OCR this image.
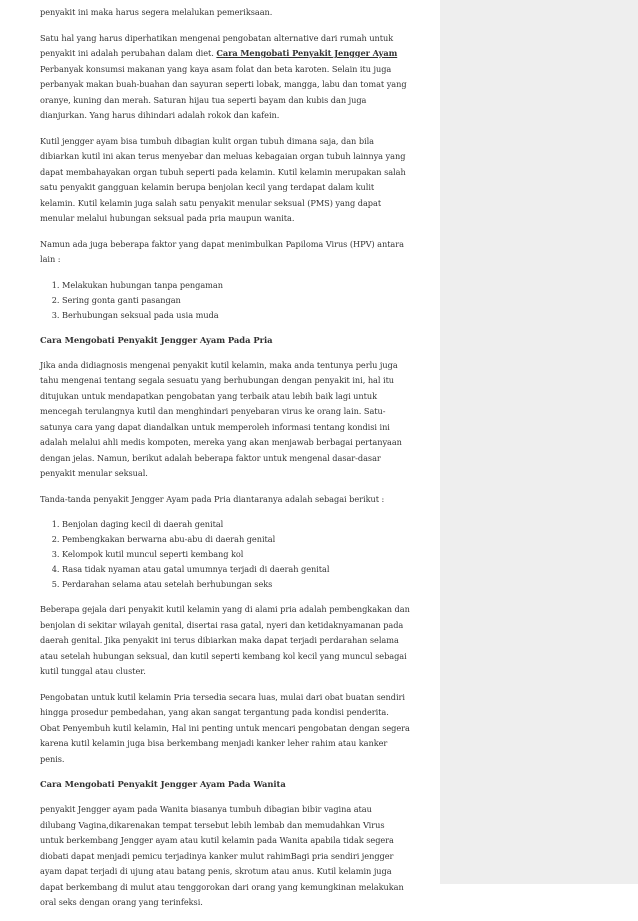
penyakit ini maka harus segera melalukan pemeriksaan.

Satu hal yang harus diperhatikan mengenai pengobatan alternative dari rumah untuk penyakit ini adalah perubahan dalam diet. Cara Mengobati Penyakit Jengger Ayam Perbanyak konsumsi makanan yang kaya asam folat dan beta karoten. Selain itu juga perbanyak makan buah-buahan dan sayuran seperti lobak, mangga, labu dan tomat yang oranye, kuning dan merah. Saturan hijau tua seperti bayam dan kubis dan juga dianjurkan. Yang harus dihindari adalah rokok dan kafein.

Kutil jengger ayam bisa tumbuh dibagian kulit organ tubuh dimana saja, dan bila dibiarkan kutil ini akan terus menyebar dan meluas kebagaian organ tubuh lainnya yang dapat membahayakan organ tubuh seperti pada kelamin. Kutil kelamin merupakan salah satu penyakit gangguan kelamin berupa benjolan kecil yang terdapat dalam kulit kelamin. Kutil kelamin juga salah satu penyakit menular seksual (PMS) yang dapat menular melalui hubungan seksual pada pria maupun wanita.

Namun ada juga beberapa faktor yang dapat menimbulkan Papiloma Virus (HPV) antara lain :

1. Melakukan hubungan tanpa pengaman
2. Sering gonta ganti pasangan
3. Berhubungan seksual pada usia muda
Cara Mengobati Penyakit Jengger Ayam Pada Pria

Jika anda didiagnosis mengenai penyakit kutil kelamin, maka anda tentunya perlu juga tahu mengenai tentang segala sesuatu yang berhubungan dengan penyakit ini, hal itu ditujukan untuk mendapatkan pengobatan yang terbaik atau lebih baik lagi untuk mencegah terulangnya kutil dan menghindari penyebaran virus ke orang lain. Satu-satunya cara yang dapat diandalkan untuk memperoleh informasi tentang kondisi ini adalah melalui ahli medis kompoten, mereka yang akan menjawab berbagai pertanyaan dengan jelas. Namun, berikut adalah beberapa faktor untuk mengenal dasar-dasar penyakit menular seksual.

Tanda-tanda penyakit Jengger Ayam pada Pria diantaranya adalah sebagai berikut :

1. Benjolan daging kecil di daerah genital
2. Pembengkakan berwarna abu-abu di daerah genital
3. Kelompok kutil muncul seperti kembang kol
4. Rasa tidak nyaman atau gatal umumnya terjadi di daerah genital
5. Perdarahan selama atau setelah berhubungan seks

Beberapa gejala dari penyakit kutil kelamin yang di alami pria adalah pembengkakan dan benjolan di sekitar wilayah genital, disertai rasa gatal, nyeri dan ketidaknyamanan pada daerah genital. Jika penyakit ini terus dibiarkan maka dapat terjadi perdarahan selama atau setelah hubungan seksual, dan kutil seperti kembang kol kecil yang muncul sebagai kutil tunggal atau cluster.

Pengobatan untuk kutil kelamin Pria tersedia secara luas, mulai dari obat buatan sendiri hingga prosedur pembedahan, yang akan sangat tergantung pada kondisi penderita. Obat Penyembuh kutil kelamin, Hal ini penting untuk mencari pengobatan dengan segera karena kutil kelamin juga bisa berkembang menjadi kanker leher rahim atau kanker penis.

Cara Mengobati Penyakit Jengger Ayam Pada Wanita

penyakit Jengger ayam pada Wanita biasanya tumbuh dibagian bibir vagina atau dilubang Vagina,dikarenakan tempat tersebut lebih lembab dan memudahkan Virus untuk berkembang Jengger ayam atau kutil kelamin pada Wanita apabila tidak segera diobati dapat menjadi pemicu terjadinya kanker mulut rahimBagi pria sendiri jengger ayam dapat terjadi di ujung atau batang penis, skrotum atau anus. Kutil kelamin juga dapat berkembang di mulut atau tenggorokan dari orang yang kemungkinan melakukan oral seks dengan orang yang terinfeksi.
